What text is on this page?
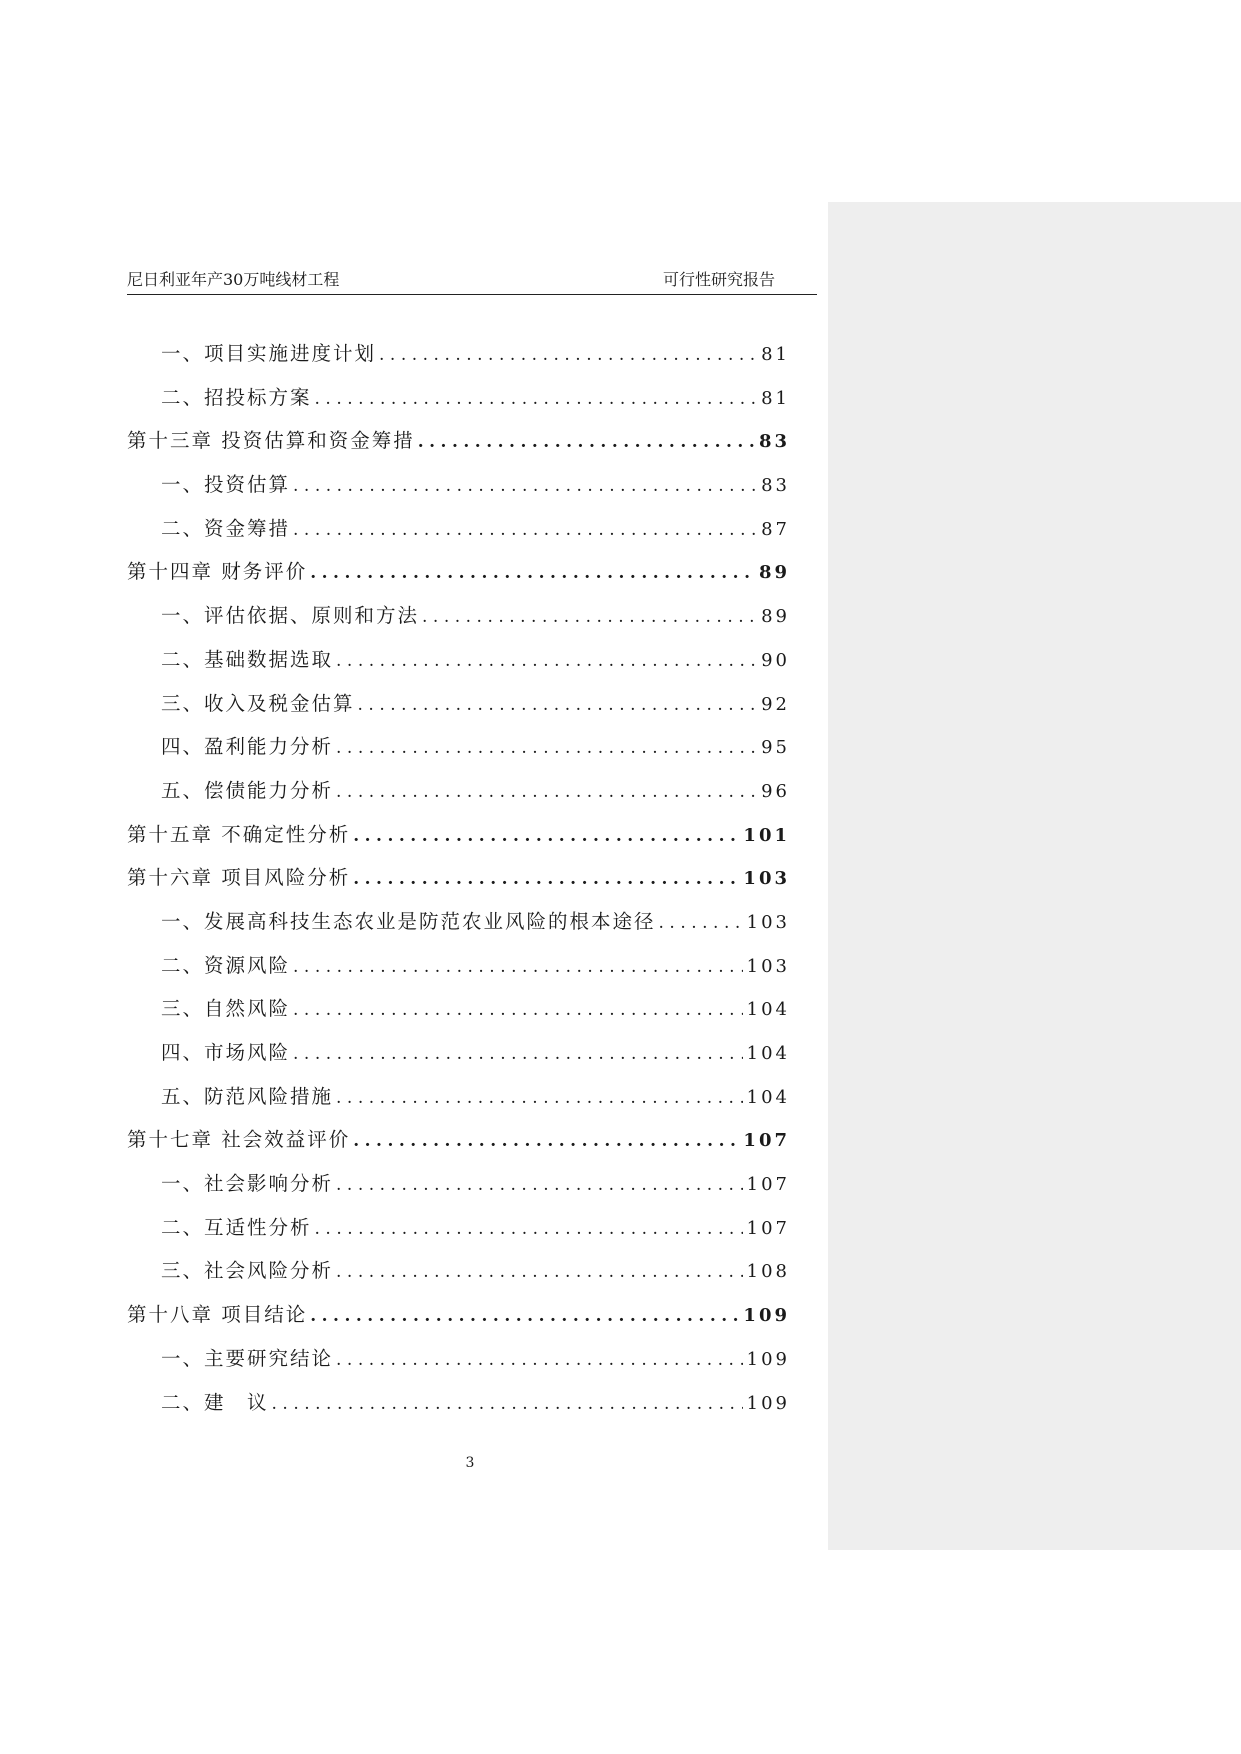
尼日利亚年产30万吨线材工程	可行性研究报告
一、项目实施进度计划 .....	81
二、招投标方案 .....	81
第十三章 投资估算和资金筹措 .....	83
一、投资估算 .....	83
二、资金筹措 .....	87
第十四章 财务评价 .....	89
一、评估依据、原则和方法 .....	89
二、基础数据选取 .....	90
三、收入及税金估算 .....	92
四、盈利能力分析 .....	95
五、偿债能力分析 .....	96
第十五章 不确定性分析 .....	101
第十六章 项目风险分析 .....	103
一、发展高科技生态农业是防范农业风险的根本途径 .....	103
二、资源风险 .....	103
三、自然风险 .....	104
四、市场风险 .....	104
五、防范风险措施 .....	104
第十七章 社会效益评价 .....	107
一、社会影响分析 .....	107
二、互适性分析 .....	107
三、社会风险分析 .....	108
第十八章 项目结论 .....	109
一、主要研究结论 .....	109
二、建　议 .....	109
3
